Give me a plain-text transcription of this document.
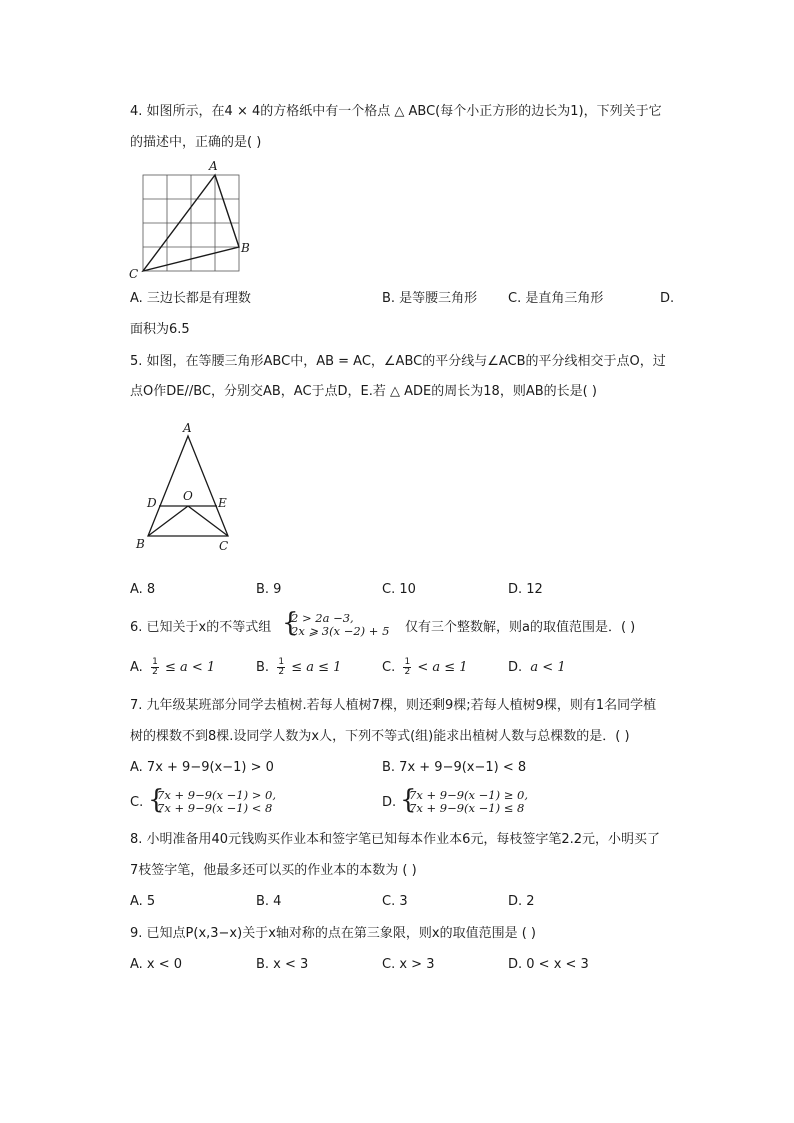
4. 如图所示，在4 × 4的方格纸中有一个格点 △ ABC(每个小正方形的边长为1)，下列关于它
的描述中，正确的是( )
A
B
C
A. 三边长都是有理数	B. 是等腰三角形 C. 是直角三角形	D.
面积为6.5
5. 如图，在等腰三角形ABC中，AB = AC，∠ABC的平分线与∠ACB的平分线相交于点O，过
点O作DE//BC，分别交AB，AC于点D，E.若 △ ADE的周长为18，则AB的长是( )
A
D O E
B	C
A. 8	B. 9	C. 10	D. 12
6. 已知关于x的不等式组 {
2 > 2a −3,
2x ⩾ 3(x −2) + 5 仅有三个整数解，则a的取值范围是．( )
A. $\frac{1}{2} \le a < 1$	B. $\frac{1}{2} \le a \le 1$	C. $\frac{1}{2} < a \le 1$	D. a < 1
7. 九年级某班部分同学去植树.若每人植树7棵，则还剩9棵;若每人植树9棵，则有1名同学植
树的棵数不到8棵.设同学人数为x人，下列不等式(组)能求出植树人数与总棵数的是．( )
A. 7x + 9−9(x−1) > 0	B. 7x + 9−9(x−1) < 8
C. {
7x + 9−9(x −1) > 0,
7x + 9−9(x −1) < 8	D. {
7x + 9−9(x −1) ≥ 0,
7x + 9−9(x −1) ≤ 8
8. 小明准备用40元钱购买作业本和签字笔已知每本作业本6元，每枝签字笔2.2元，小明买了
7枝签字笔，他最多还可以买的作业本的本数为 ( )
A. 5	B. 4	C. 3	D. 2
9. 已知点P(x,3−x)关于x轴对称的点在第三象限，则x的取值范围是 ( )
A. x < 0	B. x < 3	C. x > 3	D. 0 < x < 3
